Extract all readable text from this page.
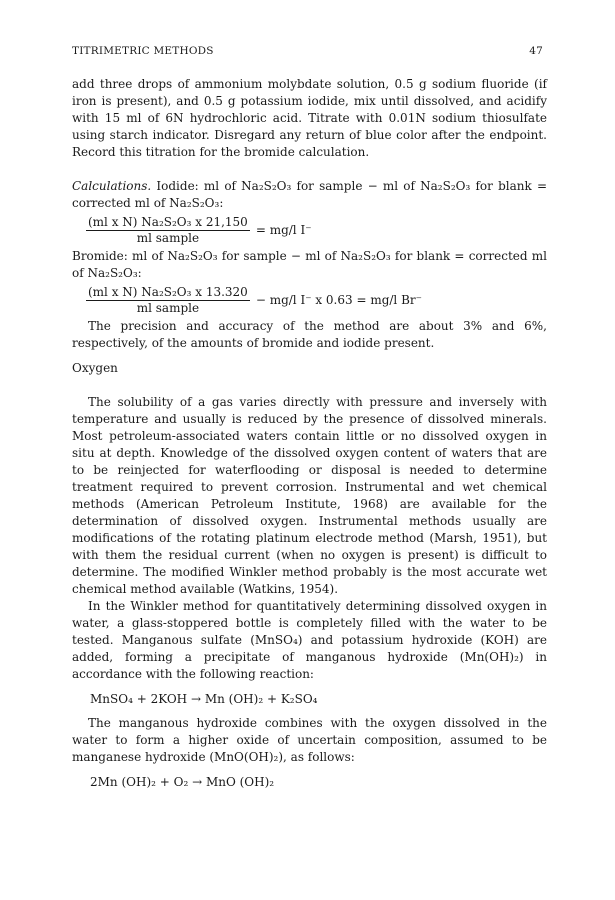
TITRIMETRIC METHODS	47

add three drops of ammonium molybdate solution, 0.5 g sodium fluoride (if iron is present), and 0.5 g potassium iodide, mix until dissolved, and acidify with 15 ml of 6N hydrochloric acid. Titrate with 0.01N sodium thiosulfate using starch indicator. Disregard any return of blue color after the endpoint. Record this titration for the bromide calculation.

Calculations. Iodide: ml of Na₂S₂O₃ for sample − ml of Na₂S₂O₃ for blank = corrected ml of Na₂S₂O₃:

$\frac{\text{(ml x N) Na₂S₂O₃ x 21,150}}{\text{ml sample}} = mg/l$ I⁻

Bromide: ml of Na₂S₂O₃ for sample − ml of Na₂S₂O₃ for blank = corrected ml of Na₂S₂O₃:

$\frac{\text{(ml x N) Na₂S₂O₃ x 13.320}}{\text{ml sample}} - mg/l$ I⁻ x 0.63 = mg/l Br⁻

The precision and accuracy of the method are about 3% and 6%, respectively, of the amounts of bromide and iodide present.

Oxygen

The solubility of a gas varies directly with pressure and inversely with temperature and usually is reduced by the presence of dissolved minerals. Most petroleum-associated waters contain little or no dissolved oxygen in situ at depth. Knowledge of the dissolved oxygen content of waters that are to be reinjected for waterflooding or disposal is needed to determine treatment required to prevent corrosion. Instrumental and wet chemical methods (American Petroleum Institute, 1968) are available for the determination of dissolved oxygen. Instrumental methods usually are modifications of the rotating platinum electrode method (Marsh, 1951), but with them the residual current (when no oxygen is present) is difficult to determine. The modified Winkler method probably is the most accurate wet chemical method available (Watkins, 1954).

In the Winkler method for quantitatively determining dissolved oxygen in water, a glass-stoppered bottle is completely filled with the water to be tested. Manganous sulfate (MnSO₄) and potassium hydroxide (KOH) are added, forming a precipitate of manganous hydroxide (Mn(OH)₂) in accordance with the following reaction:

MnSO₄ + 2KOH → Mn (OH)₂ + K₂SO₄

The manganous hydroxide combines with the oxygen dissolved in the water to form a higher oxide of uncertain composition, assumed to be manganese hydroxide (MnO(OH)₂), as follows:

2Mn (OH)₂ + O₂ → MnO (OH)₂
